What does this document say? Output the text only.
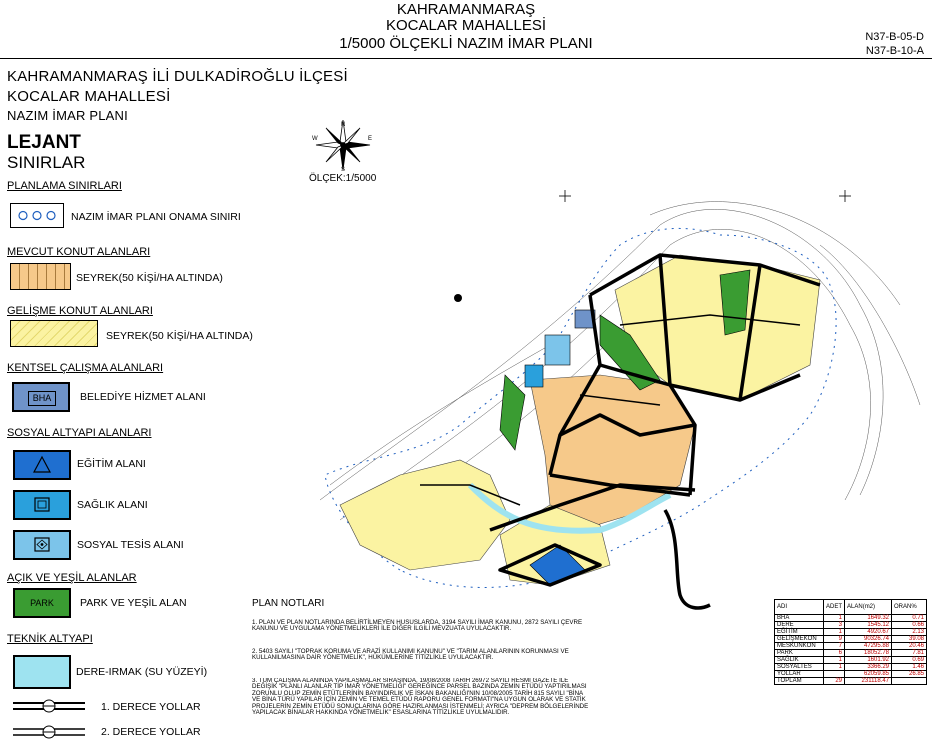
KAHRAMANMARAŞ
KOCALAR MAHALLESİ
1/5000 ÖLÇEKLİ NAZIM İMAR PLANI	N37-B-05-D
N37-B-10-A
KAHRAMANMARAŞ İLİ DULKADİROĞLU İLÇESİ
KOCALAR MAHALLESİ
NAZIM İMAR PLANI
LEJANT
SINIRLAR
N
S
E
W
ÖLÇEK:1/5000
PLANLAMA SINIRLARI
NAZIM İMAR PLANI ONAMA SINIRI
MEVCUT KONUT ALANLARI
SEYREK(50 KİŞİ/HA ALTINDA)
GELİŞME KONUT ALANLARI
SEYREK(50 KİŞİ/HA ALTINDA)
KENTSEL ÇALIŞMA ALANLARI
BHA	BELEDİYE HİZMET ALANI
SOSYAL ALTYAPI ALANLARI
EĞİTİM ALANI
SAĞLIK ALANI
SOSYAL TESİS ALANI
AÇIK VE YEŞİL ALANLAR
PARK	PARK VE YEŞİL ALAN
TEKNİK ALTYAPI
DERE-IRMAK (SU YÜZEYİ)
1. DERECE YOLLAR
2. DERECE YOLLAR
PLAN NOTLARI
1. PLAN VE PLAN NOTLARINDA BELİRTİLMEYEN HUSUSLARDA, 3194 SAYILI İMAR KANUNU, 2872 SAYILI ÇEVRE KANUNU VE UYGULAMA YÖNETMELİKLERİ İLE DİĞER İLGİLİ MEVZUATA UYULACAKTIR.
2. 5403 SAYILI "TOPRAK KORUMA VE ARAZİ KULLANIMI KANUNU" VE "TARIM ALANLARININ KORUNMASI VE KULLANILMASINA DAİR YÖNETMELİK", HÜKÜMLERİNE TİTİZLİKLE UYULACAKTIR.
3. TÜM ÇALIŞMA ALANINDA YAPILAŞMALAR SIRASINDA, 19/08/2008 TARİH 26972 SAYILI RESMİ GAZETE İLE DEĞİŞİK "PLANLI ALANLAR TİP İMAR YÖNETMELİĞİ" GEREĞİNCE PARSEL BAZINDA ZEMİN ETÜDÜ YAPTIRILMASI ZORUNLU OLUP ZEMİN ETÜTLERİNİN BAYINDIRLIK VE İSKAN BAKANLIĞI'NIN 10/08/2005 TARİH 815 SAYILI "BİNA VE BİNA TÜRÜ YAPILAR İÇİN ZEMİN VE TEMEL ETÜDÜ RAPORU GENEL FORMATI"NA UYGUN OLARAK VE STATİK PROJELERİN ZEMİN ETÜDÜ SONUÇLARINA GÖRE HAZIRLANMASI İSTENMELİ; AYRICA "DEPREM BÖLGELERİNDE YAPILACAK BİNALAR HAKKINDA YÖNETMELİK" ESASLARINA TİTİZLİKLE UYULMALIDIR.
ADI	ADET	ALAN(m2)	ORAN%
BHA	1	1649.32	0.71
DERE	3	1545.12	0.66
EĞİTİM	1	4920.67	2.13
GELİŞMEKON	9	90326.74	39.08
MESKUNKON	7	47295.88	20.46
PARK	6	18052.78	7.81
SAĞLIK	1	1601.92	0.69
SOSYALTES	1	3366.29	1.46
YOLLAR		62059.85	26.85
TOPLAM	29	231118.47	
